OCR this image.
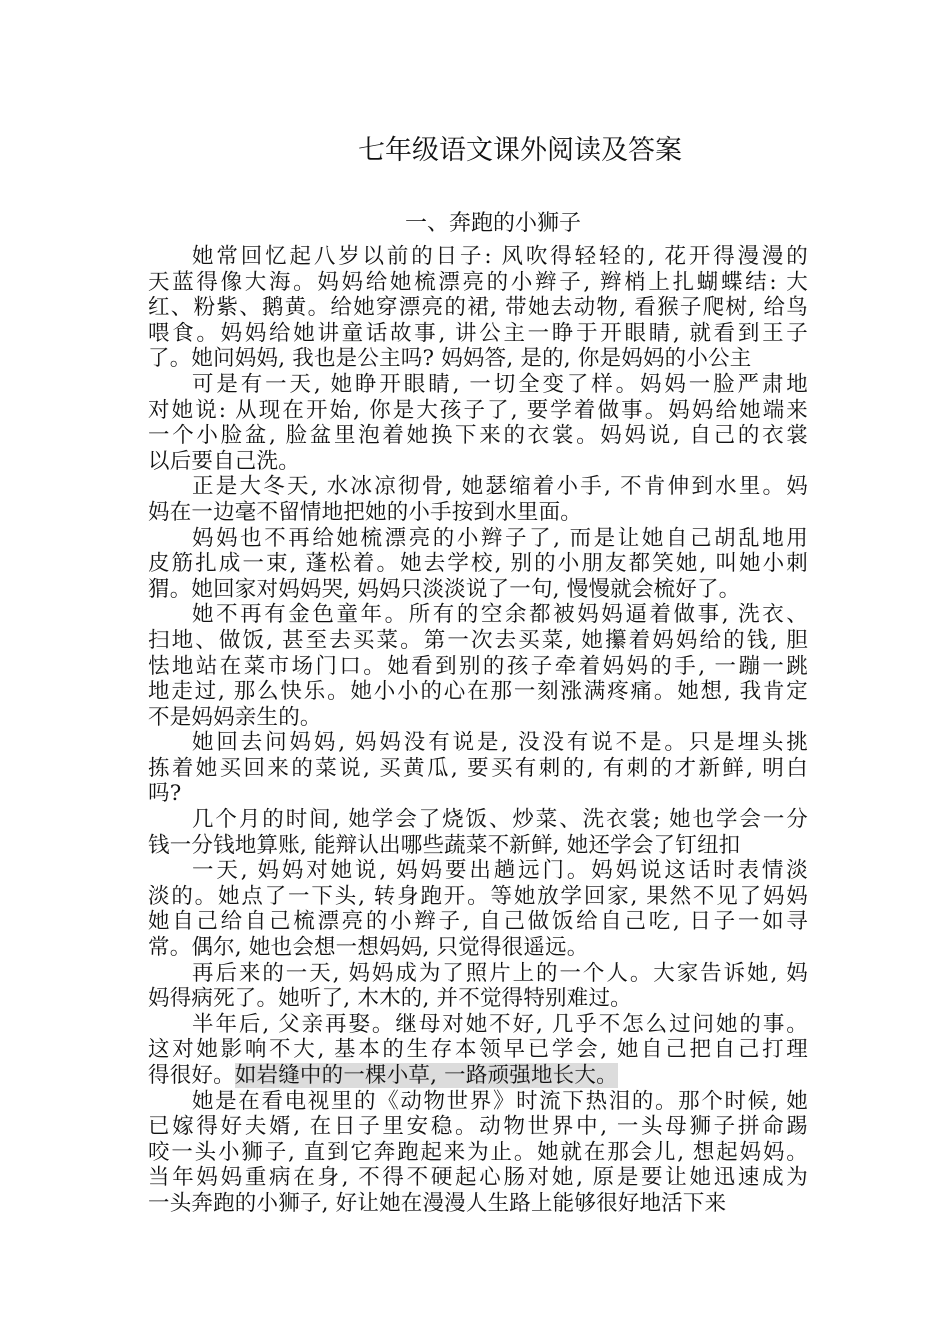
七年级语文课外阅读及答案
一、奔跑的小狮子
她常回忆起八岁以前的日子: 风吹得轻轻的, 花开得漫漫的
天蓝得像大海。妈妈给她梳漂亮的小辫子, 辫梢上扎蝴蝶结: 大
红、粉紫、鹅黄。给她穿漂亮的裙, 带她去动物, 看猴子爬树, 给鸟
喂食。妈妈给她讲童话故事, 讲公主一睁于开眼睛, 就看到王子
了。她问妈妈, 我也是公主吗? 妈妈答, 是的, 你是妈妈的小公主
可是有一天, 她睁开眼睛, 一切全变了样。妈妈一脸严肃地
对她说: 从现在开始, 你是大孩子了, 要学着做事。妈妈给她端来
一个小脸盆, 脸盆里泡着她换下来的衣裳。妈妈说, 自己的衣裳
以后要自己洗。
正是大冬天, 水冰凉彻骨, 她瑟缩着小手, 不肯伸到水里。妈
妈在一边毫不留情地把她的小手按到水里面。
妈妈也不再给她梳漂亮的小辫子了, 而是让她自己胡乱地用
皮筋扎成一束, 蓬松着。她去学校, 别的小朋友都笑她, 叫她小刺
猬。她回家对妈妈哭, 妈妈只淡淡说了一句, 慢慢就会梳好了。
她不再有金色童年。所有的空余都被妈妈逼着做事, 洗衣、
扫地、做饭, 甚至去买菜。第一次去买菜, 她攥着妈妈给的钱, 胆
怯地站在菜市场门口。她看到别的孩子牵着妈妈的手, 一蹦一跳
地走过, 那么快乐。她小小的心在那一刻涨满疼痛。她想, 我肯定
不是妈妈亲生的。
她回去问妈妈, 妈妈没有说是, 没没有说不是。只是埋头挑
拣着她买回来的菜说, 买黄瓜, 要买有刺的, 有刺的才新鲜, 明白
吗?
几个月的时间, 她学会了烧饭、炒菜、洗衣裳; 她也学会一分
钱一分钱地算账, 能辩认出哪些蔬菜不新鲜, 她还学会了钉纽扣
一天, 妈妈对她说, 妈妈要出趟远门。妈妈说这话时表情淡
淡的。她点了一下头, 转身跑开。等她放学回家, 果然不见了妈妈
她自己给自己梳漂亮的小辫子, 自己做饭给自己吃, 日子一如寻
常。偶尔, 她也会想一想妈妈, 只觉得很遥远。
再后来的一天, 妈妈成为了照片上的一个人。大家告诉她, 妈
妈得病死了。她听了, 木木的, 并不觉得特别难过。
半年后, 父亲再娶。继母对她不好, 几乎不怎么过问她的事。
这对她影响不大, 基本的生存本领早已学会, 她自己把自己打理
得很好。如岩缝中的一棵小草, 一路顽强地长大。
她是在看电视里的《动物世界》时流下热泪的。那个时候, 她
已嫁得好夫婿, 在日子里安稳。动物世界中, 一头母狮子拼命踢
咬一头小狮子, 直到它奔跑起来为止。她就在那会儿, 想起妈妈。
当年妈妈重病在身, 不得不硬起心肠对她, 原是要让她迅速成为
一头奔跑的小狮子, 好让她在漫漫人生路上能够很好地活下来
